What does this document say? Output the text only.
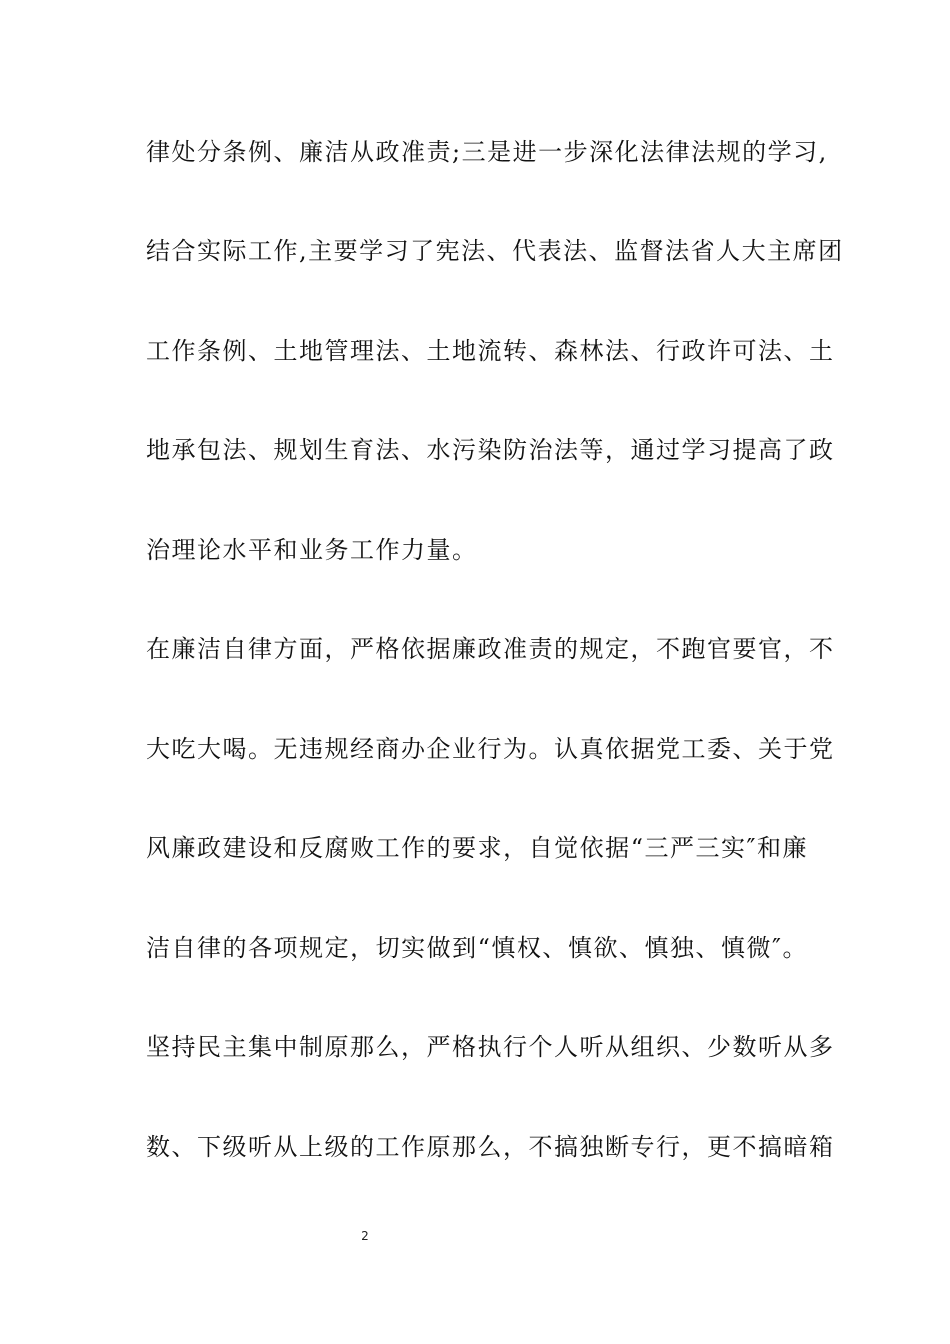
律处分条例、廉洁从政准责;三是进一步深化法律法规的学习,
结合实际工作,主要学习了宪法、代表法、监督法省人大主席团
工作条例、土地管理法、土地流转、森林法、行政许可法、土
地承包法、规划生育法、水污染防治法等，通过学习提高了政
治理论水平和业务工作力量。
在廉洁自律方面，严格依据廉政准责的规定，不跑官要官，不
大吃大喝。无违规经商办企业行为。认真依据党工委、关于党
风廉政建设和反腐败工作的要求，自觉依据“三严三实″和廉
洁自律的各项规定，切实做到“慎权、慎欲、慎独、慎微″。
坚持民主集中制原那么，严格执行个人听从组织、少数听从多
数、下级听从上级的工作原那么，不搞独断专行，更不搞暗箱
2
